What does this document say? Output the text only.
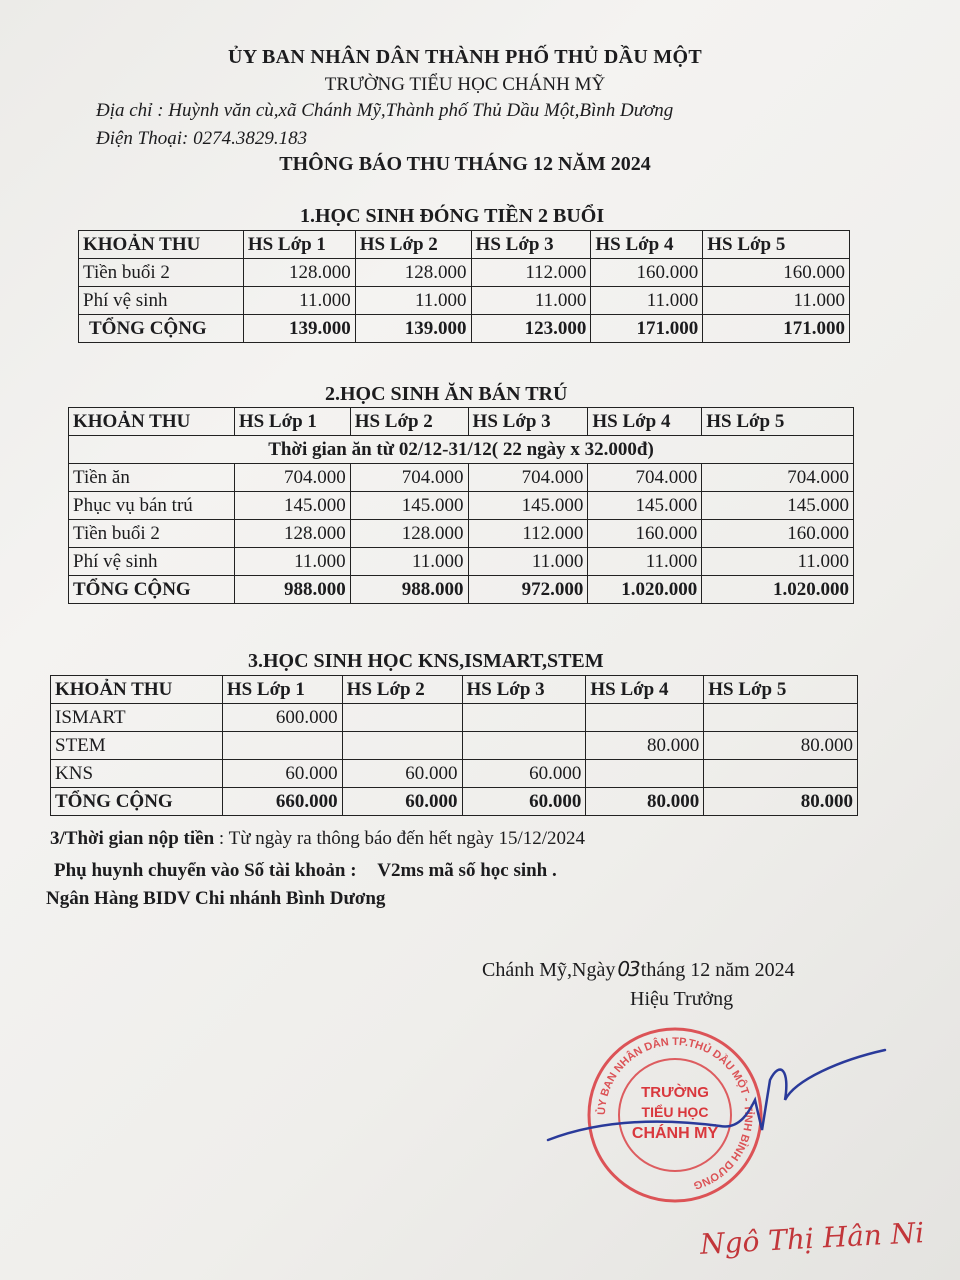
ỦY BAN NHÂN DÂN THÀNH PHỐ THỦ DẦU MỘT
TRƯỜNG TIỂU HỌC CHÁNH MỸ
Địa chỉ : Huỳnh văn cù,xã Chánh Mỹ,Thành phố Thủ Dầu Một,Bình Dương
Điện Thoại: 0274.3829.183
THÔNG BÁO THU THÁNG 12 NĂM 2024
1.HỌC SINH ĐÓNG TIỀN 2 BUỔI
KHOẢN THU	HS Lớp 1	HS Lớp 2	HS Lớp 3	HS Lớp 4	HS Lớp 5
Tiền buổi 2	128.000	128.000	112.000	160.000	160.000
Phí vệ sinh	11.000	11.000	11.000	11.000	11.000
TỔNG CỘNG	139.000	139.000	123.000	171.000	171.000
2.HỌC SINH ĂN BÁN TRÚ
KHOẢN THU	HS Lớp 1	HS Lớp 2	HS Lớp 3	HS Lớp 4	HS Lớp 5
Thời gian ăn từ 02/12-31/12( 22 ngày x 32.000đ)					
Tiền ăn	704.000	704.000	704.000	704.000	704.000
Phục vụ bán trú	145.000	145.000	145.000	145.000	145.000
Tiền buổi 2	128.000	128.000	112.000	160.000	160.000
Phí vệ sinh	11.000	11.000	11.000	11.000	11.000
TỔNG CỘNG	988.000	988.000	972.000	1.020.000	1.020.000
3.HỌC SINH HỌC KNS,ISMART,STEM
KHOẢN THU	HS Lớp 1	HS Lớp 2	HS Lớp 3	HS Lớp 4	HS Lớp 5
ISMART	600.000				
STEM				80.000	80.000
KNS	60.000	60.000	60.000		
TỔNG CỘNG	660.000	60.000	60.000	80.000	80.000
3/Thời gian nộp tiền : Từ ngày ra thông báo đến hết ngày 15/12/2024
Phụ huynh chuyển vào Số tài khoản : V2ms mã số học sinh .
Ngân Hàng BIDV Chi nhánh Bình Dương
Chánh Mỹ,Ngày 03 tháng 12 năm 2024
Hiệu Trưởng
ỦY BAN NHÂN DÂN TP.THỦ DẦU MỘT - TỈNH BÌNH DƯƠNG
TRƯỜNG
TIỂU HỌC
CHÁNH MỸ
Ngô Thị Hân Ni
